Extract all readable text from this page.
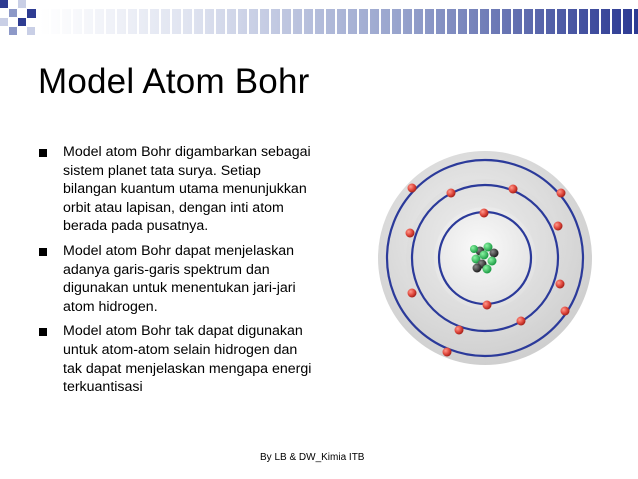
Model Atom Bohr
Model atom Bohr digambarkan sebagai
sistem planet tata surya. Setiap
bilangan kuantum utama menunjukkan
orbit atau lapisan, dengan inti atom
berada pada pusatnya.
Model atom Bohr dapat menjelaskan
adanya garis-garis spektrum dan
digunakan untuk menentukan jari-jari
atom hidrogen.
Model atom Bohr tak dapat digunakan
untuk atom-atom selain hidrogen dan
tak dapat menjelaskan mengapa energi
terkuantisasi
By LB & DW_Kimia ITB
